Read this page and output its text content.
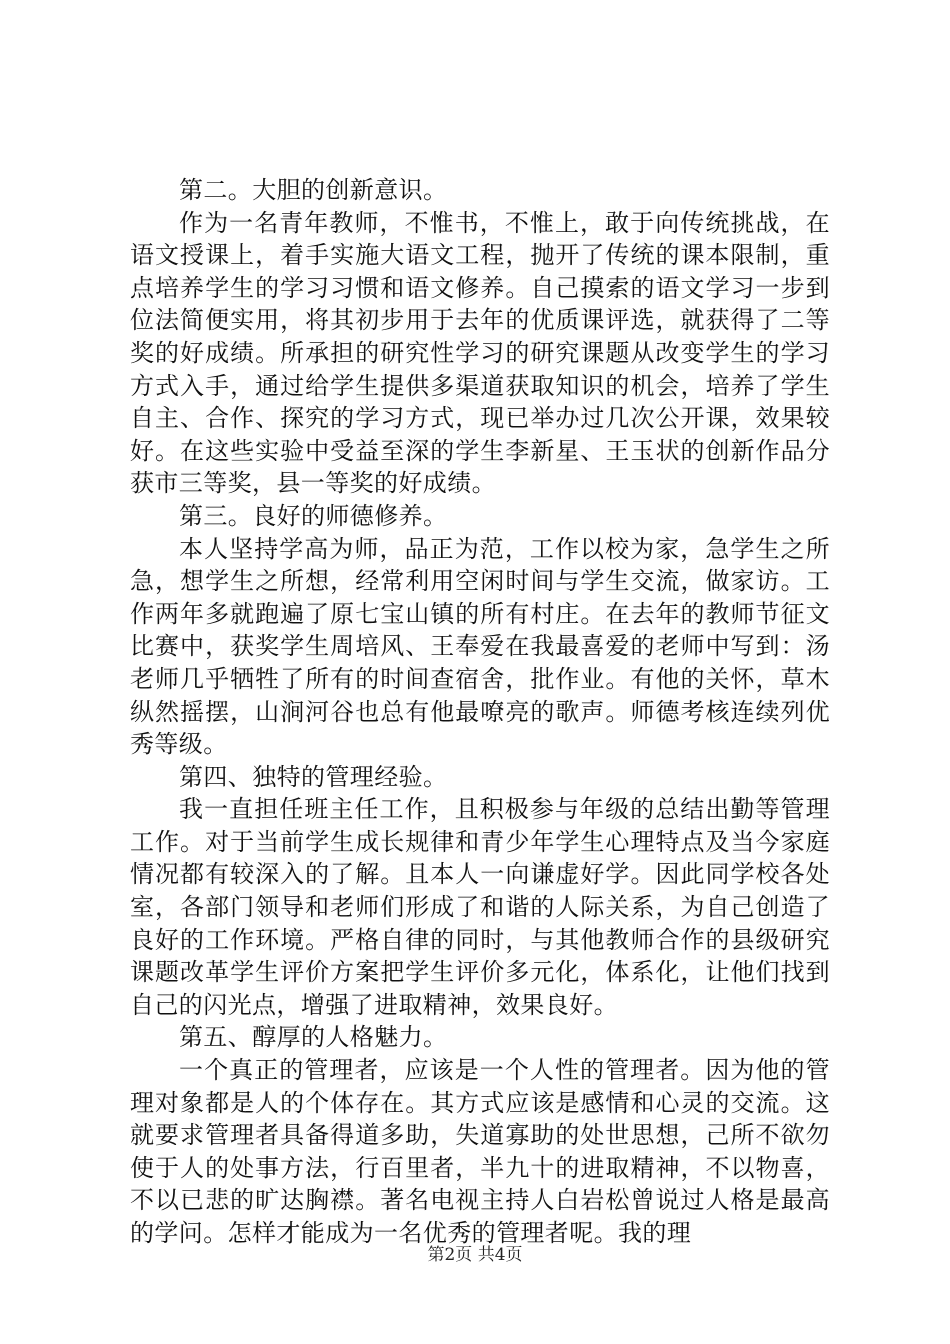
第二。大胆的创新意识。

作为一名青年教师，不惟书，不惟上，敢于向传统挑战，在语文授课上，着手实施大语文工程，抛开了传统的课本限制，重点培养学生的学习习惯和语文修养。自己摸索的语文学习一步到位法简便实用，将其初步用于去年的优质课评选，就获得了二等奖的好成绩。所承担的研究性学习的研究课题从改变学生的学习方式入手，通过给学生提供多渠道获取知识的机会，培养了学生自主、合作、探究的学习方式，现已举办过几次公开课，效果较好。在这些实验中受益至深的学生李新星、王玉状的创新作品分获市三等奖，县一等奖的好成绩。

第三。良好的师德修养。

本人坚持学高为师，品正为范，工作以校为家，急学生之所急，想学生之所想，经常利用空闲时间与学生交流，做家访。工作两年多就跑遍了原七宝山镇的所有村庄。在去年的教师节征文比赛中，获奖学生周培风、王奉爱在我最喜爱的老师中写到：汤老师几乎牺牲了所有的时间查宿舍，批作业。有他的关怀，草木纵然摇摆，山涧河谷也总有他最嘹亮的歌声。师德考核连续列优秀等级。

第四、独特的管理经验。

我一直担任班主任工作，且积极参与年级的总结出勤等管理工作。对于当前学生成长规律和青少年学生心理特点及当今家庭情况都有较深入的了解。且本人一向谦虚好学。因此同学校各处室，各部门领导和老师们形成了和谐的人际关系，为自己创造了良好的工作环境。严格自律的同时，与其他教师合作的县级研究课题改革学生评价方案把学生评价多元化，体系化，让他们找到自己的闪光点，增强了进取精神，效果良好。

第五、醇厚的人格魅力。

一个真正的管理者，应该是一个人性的管理者。因为他的管理对象都是人的个体存在。其方式应该是感情和心灵的交流。这就要求管理者具备得道多助，失道寡助的处世思想，己所不欲勿使于人的处事方法，行百里者，半九十的进取精神，不以物喜，不以已悲的旷达胸襟。著名电视主持人白岩松曾说过人格是最高的学问。怎样才能成为一名优秀的管理者呢。我的理

第2页 共4页
